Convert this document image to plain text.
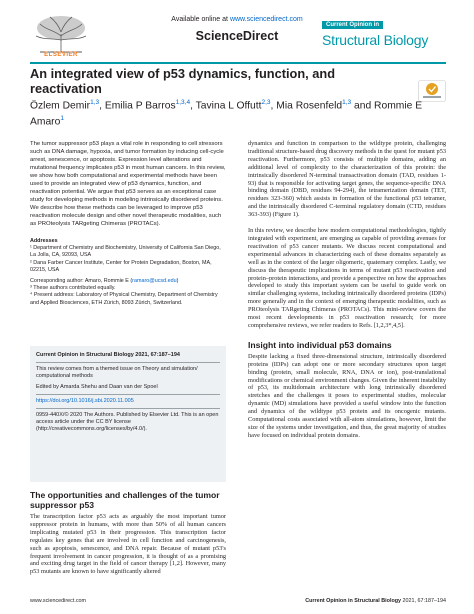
ELSEVIER
Available online at www.sciencedirect.com
ScienceDirect
Current Opinion in
Structural Biology
An integrated view of p53 dynamics, function, and reactivation
Özlem Demir$^{1,3}$, Emilia P Barros$^{1,3,4}$, Tavina L Offutt$^{2,3}$, Mia Rosenfeld$^{1,3}$ and Rommie E Amaro$^1$

The tumor suppressor p53 plays a vital role in responding to cell stressors such as DNA damage, hypoxia, and tumor formation by inducing cell-cycle arrest, senescence, or apoptosis. Expression level alterations and mutational frequency implicates p53 in most human cancers. In this review, we show how both computational and experimental methods have been used to provide an integrated view of p53 dynamics, function, and reactivation potential. We argue that p53 serves as an exceptional case study for developing methods in modeling intrinsically disordered proteins. We describe how these methods can be leveraged to improve p53 reactivation molecule design and other novel therapeutic modalities, such as PROteolysis TARgeting Chimeras (PROTACs).

Addresses
¹ Department of Chemistry and Biochemistry, University of California San Diego, La Jolla, CA, 92093, USA
² Dana Farber Cancer Institute, Center for Protein Degradation, Boston, MA, 02215, USA
Corresponding author: Amaro, Rommie E (ramaro@ucsd.edu)
³ These authors contributed equally.
⁴ Present address: Laboratory of Physical Chemistry, Department of Chemistry and Applied Biosciences, ETH Zürich, 8093 Zürich, Switzerland.
Current Opinion in Structural Biology 2021, 67:187–194
This review comes from a themed issue on Theory and simulation/ computational methods
Edited by Amarda Shehu and Daan van der Spoel
https://doi.org/10.1016/j.sbi.2020.11.005
0959-440X/© 2020 The Authors. Published by Elsevier Ltd. This is an open access article under the CC BY license (http://creativecommons.org/licenses/by/4.0/).
The opportunities and challenges of the tumor suppressor p53

The transcription factor p53 acts as arguably the most important tumor suppressor protein in humans, with more than 50% of all human cancers implicating mutated p53 in their progression. This transcription factor regulates key genes that are involved in cell function and carcinogenesis, such as apoptosis, senescence, and DNA repair. Because of mutant p53's frequent involvement in cancer progression, it is thought of as a promising and exciting drug target in the field of cancer therapy [1,2]. However, many p53 mutants are known to have significantly altered

dynamics and function in comparison to the wildtype protein, challenging traditional structure-based drug discovery methods in the quest for mutant p53 reactivation. Furthermore, p53 consists of multiple domains, adding an additional level of complexity to the characterization of this protein: the intrinsically disordered N-terminal transactivation domain (TAD, residues 1-93) that is responsible for activating target genes, the sequence-specific DNA binding domain (DBD, residues 94-294), the tetramerization domain (TET, residues 323-360) which assists in formation of the functional p53 tetramer, and the intrinsically disordered C-terminal regulatory domain (CTD, residues 363-393) (Figure 1).

In this review, we describe how modern computational methodologies, tightly integrated with experiment, are emerging as capable of providing avenues for reactivation of p53 cancer mutants. We discuss recent computational and experimental advances in characterizing each of these domains separately as well as in the context of the larger oligomeric, quaternary complex. Lastly, we discuss the therapeutic implications in terms of mutant p53 reactivation and protein–protein interactions, and provide a perspective on how the approaches developed to study this important system can be useful to guide work on similar challenging systems, including intrinsically disordered proteins (IDPs) more generally and in the context of emerging therapeutic modalities, such as PROteolysis TARgeting Chimeras (PROTACs). This mini-review covers the most recent developments in p53 reactivation research; for more comprehensive reviews, we refer readers to Refs. [1,2,3*,4,5].

Insight into individual p53 domains

Despite lacking a fixed three-dimensional structure, intrinsically disordered proteins (IDPs) can adopt one or more secondary structures upon target binding (protein, small molecule, RNA, DNA or ion), post-translational modifications or chemical environment changes. Given the inherent instability of p53, its multidomain architecture with long intrinsically disordered stretches and the challenges it poses to experimental studies, molecular dynamic (MD) simulations have provided a useful window into the function and dynamics of the wildtype p53 protein and its oncogenic mutants. Computational costs associated with all-atom simulations, however, limit the size of the systems under investigation, and thus, the great majority of studies have focused on individual protein domains.

www.sciencedirect.com	Current Opinion in Structural Biology 2021, 67:187–194
